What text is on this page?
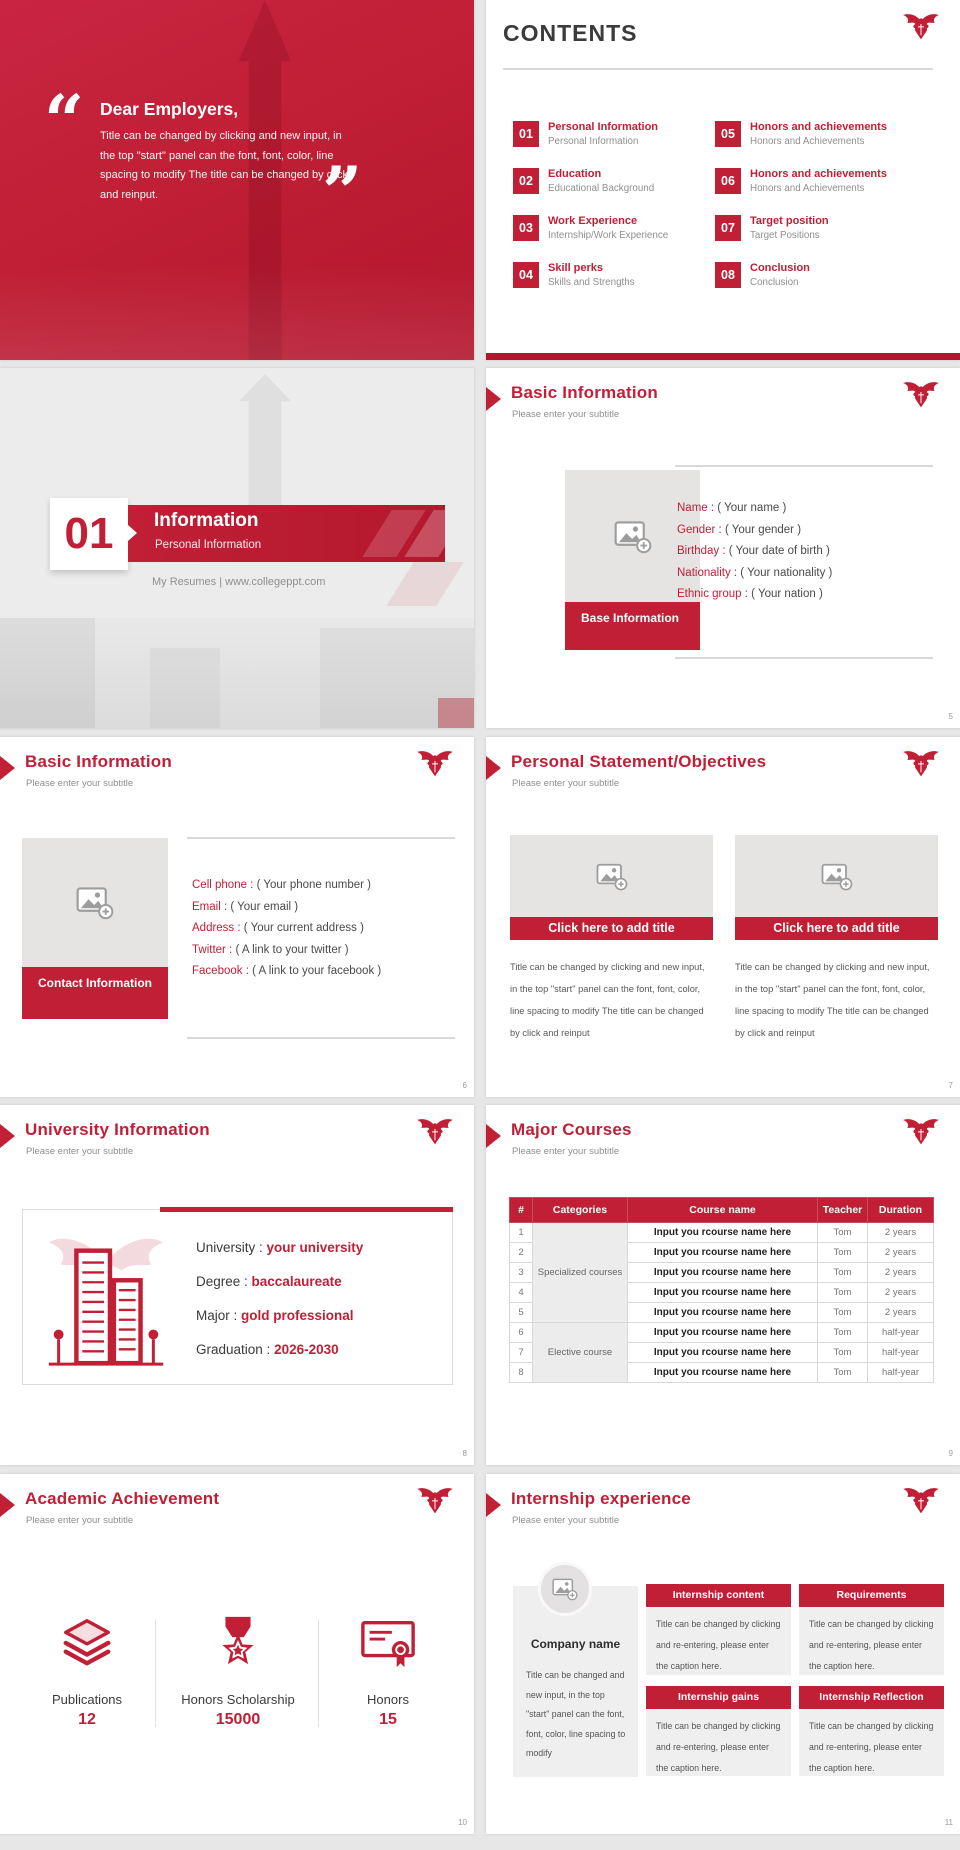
“ Dear Employers,
Title can be changed by clicking and new input, in the top "start" panel can the font, font, color, line spacing to modify The title can be changed by click and reinput.	”
CONTENTS
01	Personal Information
Personal Information
02	Education
Educational Background
03	Work Experience
Internship/Work Experience
04	Skill perks
Skills and Strengths
05	Honors and achievements
Honors and Achievements
06	Honors and achievements
Honors and Achievements
07	Target position
Target Positions
08	Conclusion
Conclusion
01	Information
Personal Information
My Resumes | www.collegeppt.com
Basic Information
Please enter your subtitle
Base Information
Name : ( Your name )
Gender : ( Your gender )
Birthday : ( Your date of birth )
Nationality : ( Your nationality )
Ethnic group : ( Your nation )
5
Basic Information
Please enter your subtitle
Contact Information
Cell phone : ( Your phone number )
Email : ( Your email )
Address : ( Your current address )
Twitter : ( A link to your twitter )
Facebook : ( A link to your facebook )
6
Personal Statement/Objectives
Please enter your subtitle
Click here to add title
Title can be changed by clicking and new input, in the top "start" panel can the font, font, color, line spacing to modify The title can be changed by click and reinput
Click here to add title
Title can be changed by clicking and new input, in the top "start" panel can the font, font, color, line spacing to modify The title can be changed by click and reinput
7
University Information
Please enter your subtitle
University : your university
Degree : baccalaureate
Major : gold professional
Graduation : 2026-2030
8
Major Courses
Please enter your subtitle
#	Categories	Course name	Teacher	Duration
1	Specialized courses	Input you rcourse name here	Tom	2 years
2		Input you rcourse name here	Tom	2 years
3		Input you rcourse name here	Tom	2 years
4		Input you rcourse name here	Tom	2 years
5		Input you rcourse name here	Tom	2 years
6	Elective course	Input you rcourse name here	Tom	half-year
7		Input you rcourse name here	Tom	half-year
8		Input you rcourse name here	Tom	half-year
9
Academic Achievement
Please enter your subtitle
Publications
12
Honors Scholarship
15000
Honors
15
10
Internship experience
Please enter your subtitle
Company name
Title can be changed and new input, in the top "start" panel can the font, font, color, line spacing to modify
Internship content
Title can be changed by clicking and re-entering, please enter the caption here.
Requirements
Title can be changed by clicking and re-entering, please enter the caption here.
Internship gains
Title can be changed by clicking and re-entering, please enter the caption here.
Internship Reflection
Title can be changed by clicking and re-entering, please enter the caption here.
11
